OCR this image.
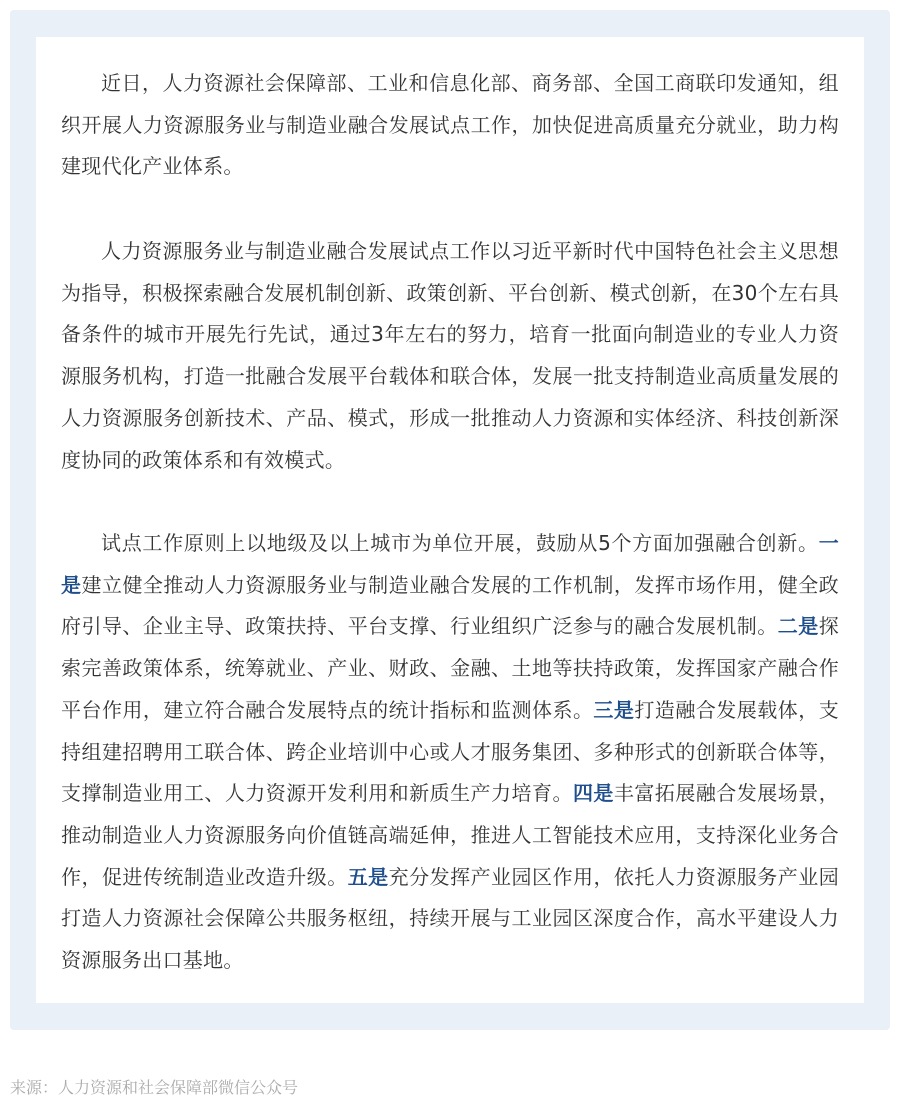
近日，人力资源社会保障部、工业和信息化部、商务部、全国工商联印发通知，组织开展人力资源服务业与制造业融合发展试点工作，加快促进高质量充分就业，助力构建现代化产业体系。

人力资源服务业与制造业融合发展试点工作以习近平新时代中国特色社会主义思想为指导，积极探索融合发展机制创新、政策创新、平台创新、模式创新，在30个左右具备条件的城市开展先行先试，通过3年左右的努力，培育一批面向制造业的专业人力资源服务机构，打造一批融合发展平台载体和联合体，发展一批支持制造业高质量发展的人力资源服务创新技术、产品、模式，形成一批推动人力资源和实体经济、科技创新深度协同的政策体系和有效模式。

试点工作原则上以地级及以上城市为单位开展，鼓励从5个方面加强融合创新。一是建立健全推动人力资源服务业与制造业融合发展的工作机制，发挥市场作用，健全政府引导、企业主导、政策扶持、平台支撑、行业组织广泛参与的融合发展机制。二是探索完善政策体系，统筹就业、产业、财政、金融、土地等扶持政策，发挥国家产融合作平台作用，建立符合融合发展特点的统计指标和监测体系。三是打造融合发展载体，支持组建招聘用工联合体、跨企业培训中心或人才服务集团、多种形式的创新联合体等，支撑制造业用工、人力资源开发利用和新质生产力培育。四是丰富拓展融合发展场景，推动制造业人力资源服务向价值链高端延伸，推进人工智能技术应用，支持深化业务合作，促进传统制造业改造升级。五是充分发挥产业园区作用，依托人力资源服务产业园打造人力资源社会保障公共服务枢纽，持续开展与工业园区深度合作，高水平建设人力资源服务出口基地。

来源：人力资源和社会保障部微信公众号
